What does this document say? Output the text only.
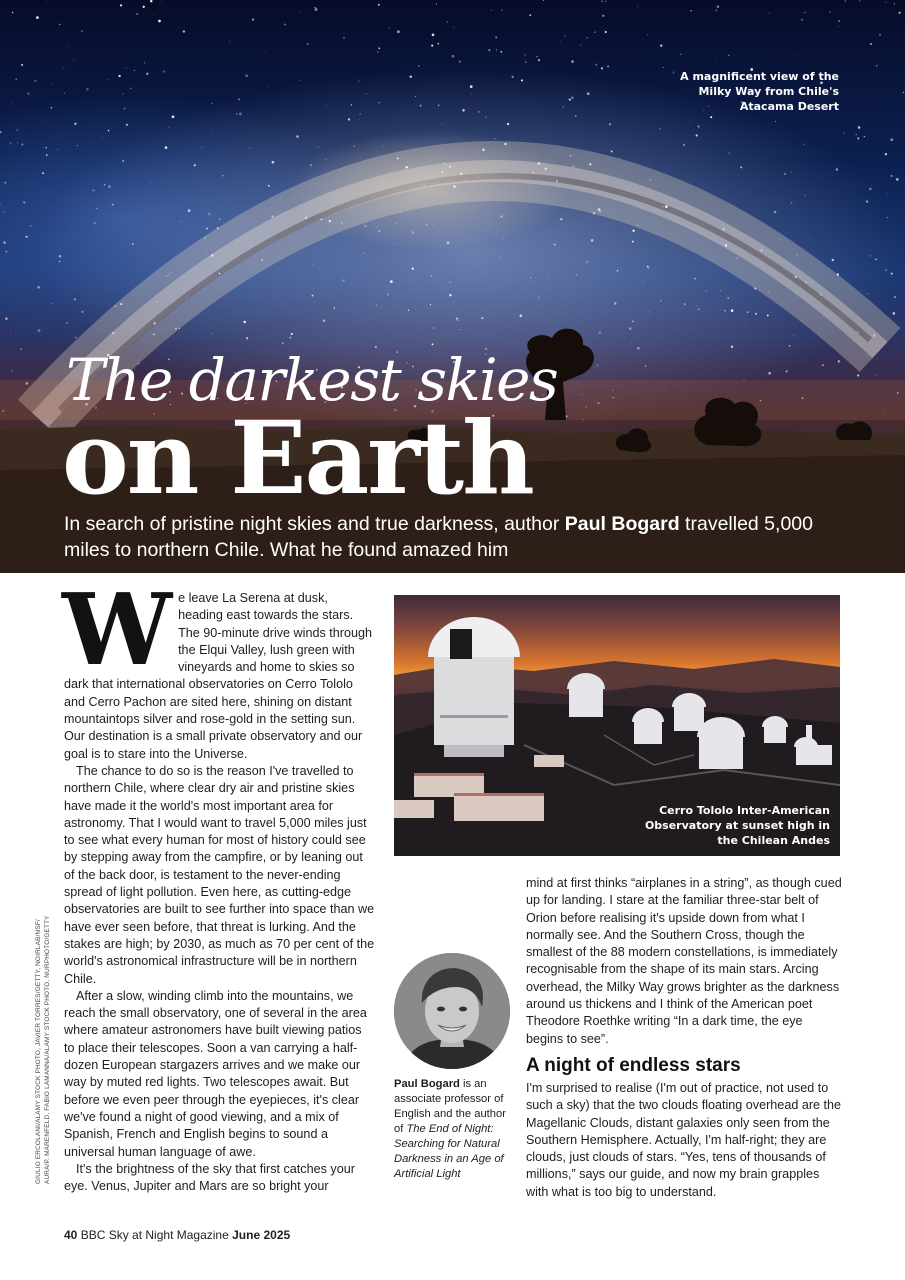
A magnificent view of the Milky Way from Chile's Atacama Desert
The darkest skies
on Earth
In search of pristine night skies and true darkness, author Paul Bogard travelled 5,000 miles to northern Chile. What he found amazed him

We leave La Serena at dusk, heading east towards the stars. The 90-minute drive winds through the Elqui Valley, lush green with vineyards and home to skies so dark that international observatories on Cerro Tololo and Cerro Pachon are sited here, shining on distant mountaintops silver and rose-gold in the setting sun. Our destination is a small private observatory and our goal is to stare into the Universe.

The chance to do so is the reason I've travelled to northern Chile, where clear dry air and pristine skies have made it the world's most important area for astronomy. That I would want to travel 5,000 miles just to see what every human for most of history could see by stepping away from the campfire, or by leaning out of the back door, is testament to the never-ending spread of light pollution. Even here, as cutting-edge observatories are built to see further into space than we have ever seen before, that threat is lurking. And the stakes are high; by 2030, as much as 70 per cent of the world's astronomical infrastructure will be in northern Chile.

After a slow, winding climb into the mountains, we reach the small observatory, one of several in the area where amateur astronomers have built viewing patios to place their telescopes. Soon a van carrying a half-dozen European stargazers arrives and we make our way by muted red lights. Two telescopes await. But before we even peer through the eyepieces, it's clear we've found a night of good viewing, and a mix of Spanish, French and English begins to sound a universal human language of awe.

It's the brightness of the sky that first catches your eye. Venus, Jupiter and Mars are so bright your

Cerro Tololo Inter-American Observatory at sunset high in the Chilean Andes
Paul Bogard is an associate professor of English and the author of The End of Night: Searching for Natural Darkness in an Age of Artificial Light

mind at first thinks “airplanes in a string”, as though cued up for landing. I stare at the familiar three-star belt of Orion before realising it's upside down from what I normally see. And the Southern Cross, though the smallest of the 88 modern constellations, is immediately recognisable from the shape of its main stars. Arcing overhead, the Milky Way grows brighter as the darkness around us thickens and I think of the American poet Theodore Roethke writing “In a dark time, the eye begins to see”.

A night of endless stars

I'm surprised to realise (I'm out of practice, not used to such a sky) that the two clouds floating overhead are the Magellanic Clouds, distant galaxies only seen from the Southern Hemisphere. Actually, I'm half-right; they are clouds, just clouds of stars. “Yes, tens of thousands of millions,” says our guide, and now my brain grapples with what is too big to understand.

GIULIO ERCOLANI/ALAMY STOCK PHOTO, JAVIER TORRES/GETTY, NOIRLAB/NSF/ AURA/P. MARENFELD, FABIO LAMANNA/ALAMY STOCK PHOTO, NURPHOTO/GETTY
40 BBC Sky at Night Magazine June 2025
